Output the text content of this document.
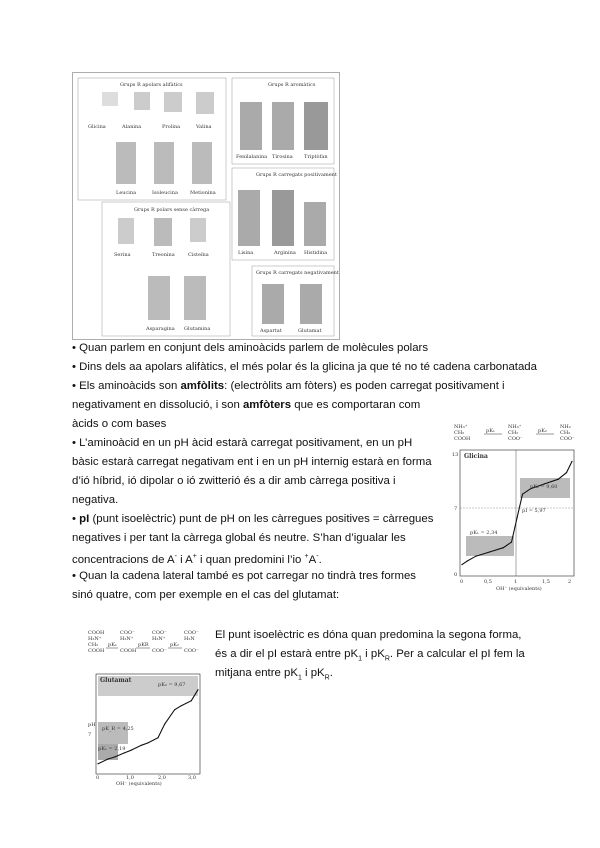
Grups R apolars alifàtics
Glicina	Alanina	Prolina	Valina
Leucina	Isoleucina Metionina
Grups R aromàtics
Fenilalanina Tirosina Triptòfan
Grups R polars sense càrrega
Serina	Treonina	Cisteïna
Asparagina Glutamina
Grups R carregats positivament
Lisina	Arginina Histidina
Grups R carregats negativament
Aspartat	Glutamat
• Quan parlem en conjunt dels aminoàcids parlem de molècules polars
• Dins dels aa apolars alifàtics, el més polar és la glicina ja que té no té cadena carbonatada
• Els aminoàcids son amfòlits: (electròlits am fòters) es poden carregat positivament i
negativament en dissolució, i son amfòters que es comportaran com
àcids o com bases
• L’aminoàcid en un pH àcid estarà carregat positivament, en un pH
bàsic estarà carregat negativam ent i en un pH internig estarà en forma
d’ió híbrid, ió dipolar o ió zwitterió és a dir amb càrrega positiva i
negativa.
• pI (punt isoelèctric) punt de pH on les càrregues positives = càrregues
negatives i per tant la càrrega global és neutre. S’han d’igualar les
concentracions de A- i A+ i quan predomini l’io +A-.
• Quan la cadena lateral també es pot carregar no tindrà tres formes
sinó quatre, com per exemple en el cas del glutamat:
NH₃⁺
CH₂
COOH
pK₁
NH₃⁺
CH₂
COO⁻
pK₂
NH₂
CH₂
COO⁻
Glicina
pK₁ = 2,34
pI = 5,97
pK₂ = 9,60
13
7
0
0	0,5	1	1,5	2
OH⁻ (equivalents)
COOH
H₃N⁺
CH₂
COOH
pK₁
COO⁻
H₃N⁺
COOH
pKR
COO⁻
H₃N⁺
COO⁻
pK₂
COO⁻
H₂N
COO⁻
Glutamat
pK₂ = 9,67
pK_R = 4,25
pK₁ = 2,19
pH
7
0	1,0	2,0	3,0
OH⁻ (equivalents)
El punt isoelèctric es dóna quan predomina la segona forma,
és a dir el pI estarà entre $pK_1$ i $pK_R$. Per a calcular el pI fem la
mitjana entre $pK_1$ i $pK_R$.
